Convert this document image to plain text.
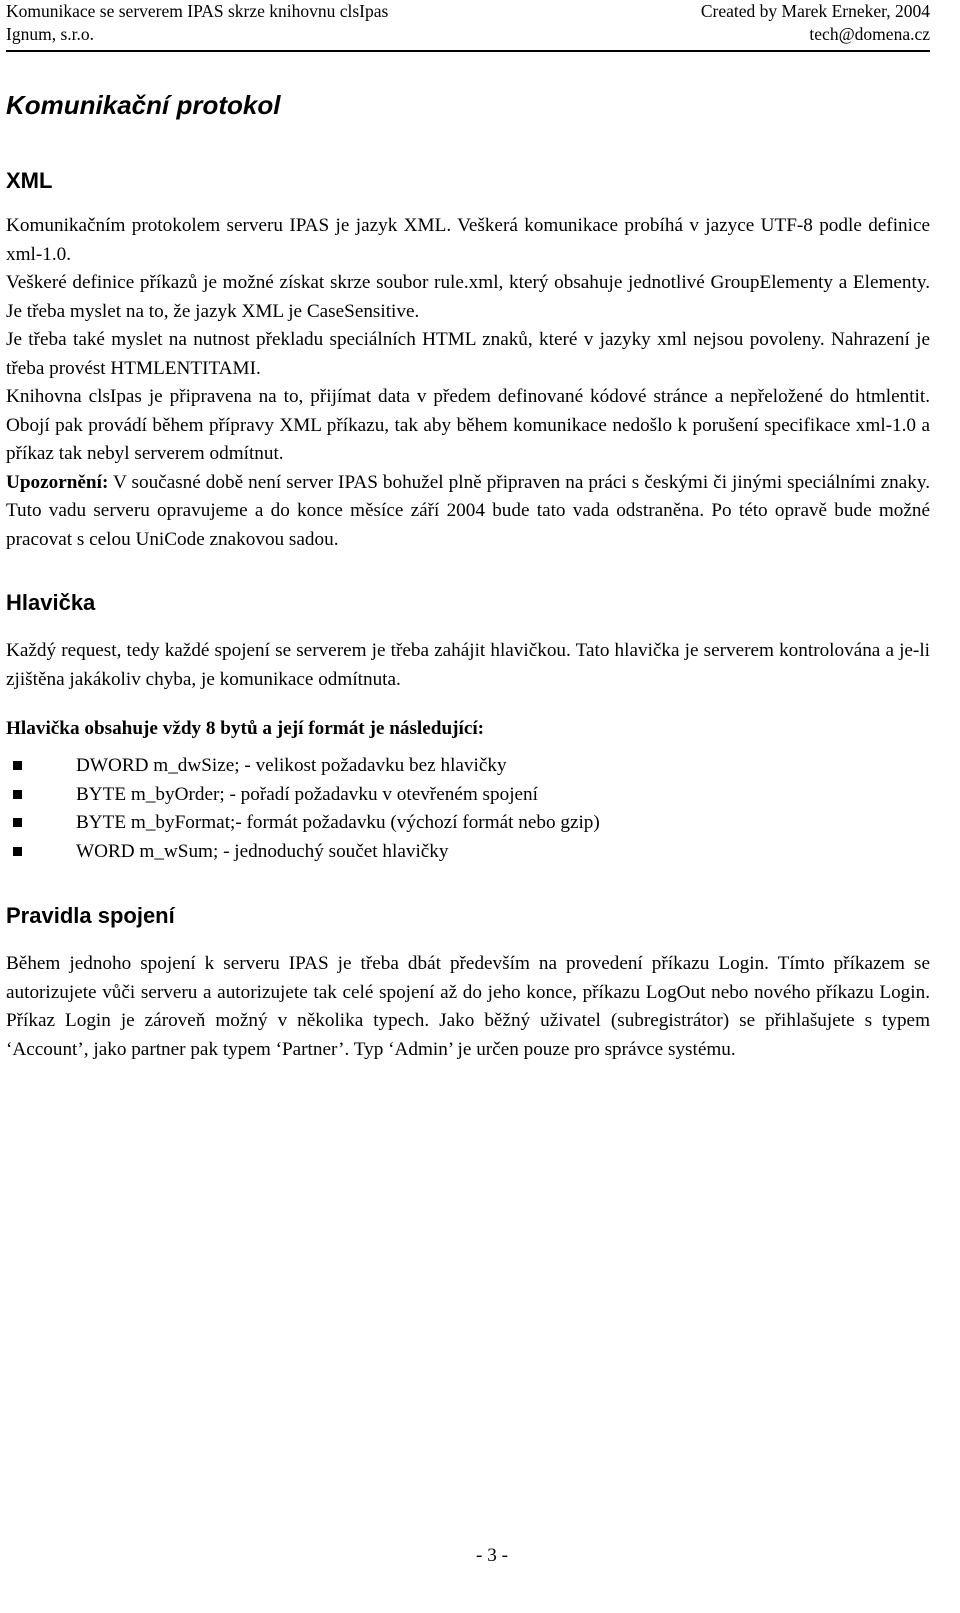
Komunikace se serverem IPAS skrze knihovnu clsIpas
Ignum, s.r.o.
Created by Marek Erneker, 2004
tech@domena.cz
Komunikační protokol
XML

Komunikačním protokolem serveru IPAS je jazyk XML. Veškerá komunikace probíhá v jazyce UTF-8 podle definice xml-1.0.

Veškeré definice příkazů je možné získat skrze soubor rule.xml, který obsahuje jednotlivé GroupElementy a Elementy. Je třeba myslet na to, že jazyk XML je CaseSensitive.

Je třeba také myslet na nutnost překladu speciálních HTML znaků, které v jazyky xml nejsou povoleny. Nahrazení je třeba provést HTMLENTITAMI.

Knihovna clsIpas je připravena na to, přijímat data v předem definované kódové stránce a nepřeložené do htmlentit. Obojí pak provádí během přípravy XML příkazu, tak aby během komunikace nedošlo k porušení specifikace xml-1.0 a příkaz tak nebyl serverem odmítnut.

Upozornění: V současné době není server IPAS bohužel plně připraven na práci s českými či jinými speciálními znaky. Tuto vadu serveru opravujeme a do konce měsíce září 2004 bude tato vada odstraněna. Po této opravě bude možné pracovat s celou UniCode znakovou sadou.

Hlavička

Každý request, tedy každé spojení se serverem je třeba zahájit hlavičkou. Tato hlavička je serverem kontrolována a je-li zjištěna jakákoliv chyba, je komunikace odmítnuta.

Hlavička obsahuje vždy 8 bytů a její formát je následující:
DWORD m_dwSize; - velikost požadavku bez hlavičky
BYTE m_byOrder; - pořadí požadavku v otevřeném spojení
BYTE m_byFormat;- formát požadavku (výchozí formát nebo gzip)
WORD m_wSum; - jednoduchý součet hlavičky
Pravidla spojení

Během jednoho spojení k serveru IPAS je třeba dbát především na provedení příkazu Login. Tímto příkazem se autorizujete vůči serveru a autorizujete tak celé spojení až do jeho konce, příkazu LogOut nebo nového příkazu Login. Příkaz Login je zároveň možný v několika typech. Jako běžný uživatel (subregistrátor) se přihlašujete s typem ‘Account’, jako partner pak typem ‘Partner’. Typ ‘Admin’ je určen pouze pro správce systému.

- 3 -
